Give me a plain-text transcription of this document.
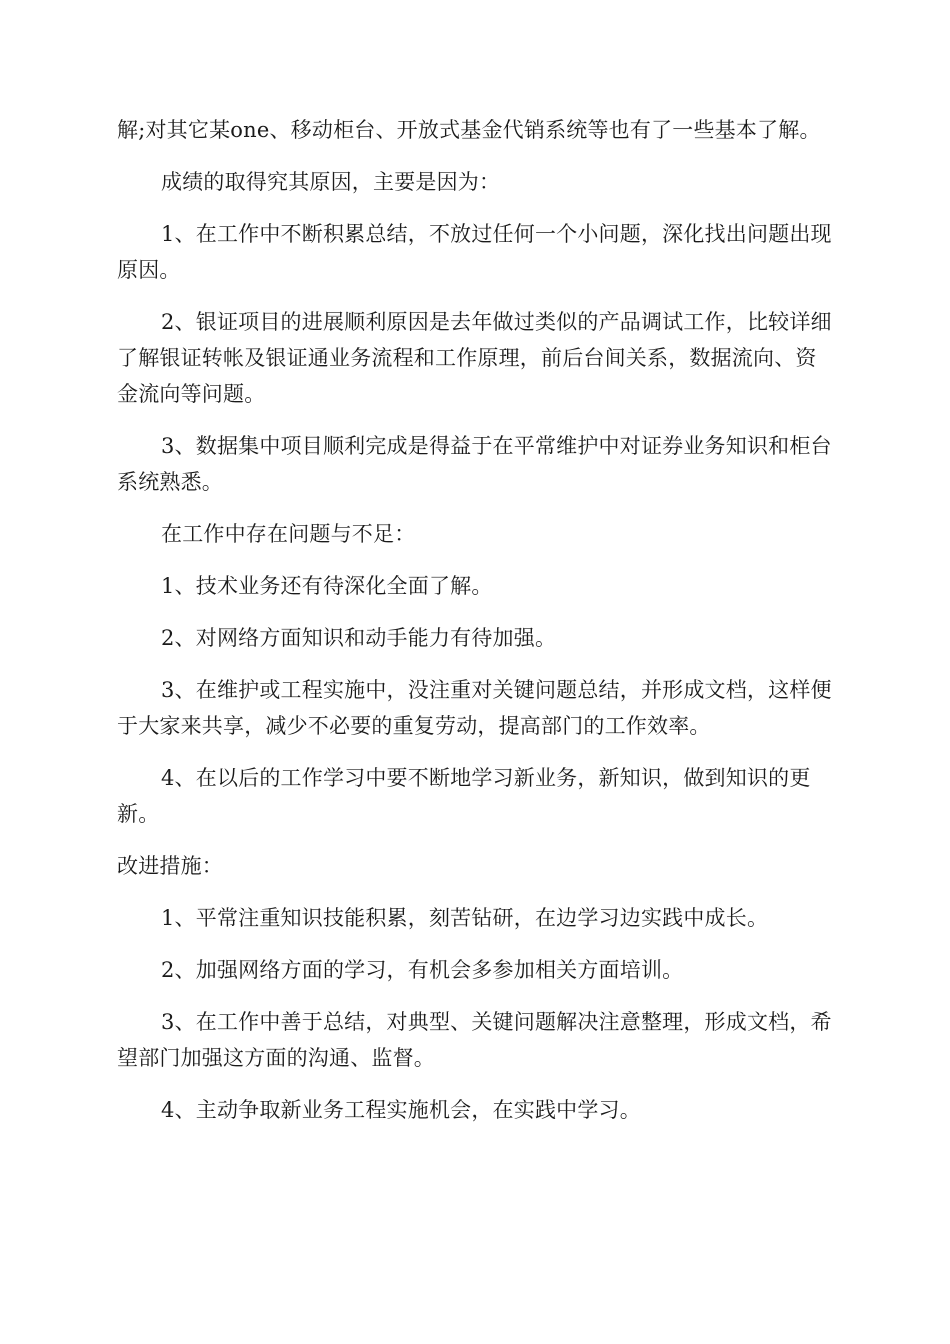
解;对其它某one、移动柜台、开放式基金代销系统等也有了一些基本了解。

成绩的取得究其原因，主要是因为：

1、在工作中不断积累总结，不放过任何一个小问题，深化找出问题出现原因。

2、银证项目的进展顺利原因是去年做过类似的产品调试工作，比较详细了解银证转帐及银证通业务流程和工作原理，前后台间关系，数据流向、资金流向等问题。

3、数据集中项目顺利完成是得益于在平常维护中对证券业务知识和柜台系统熟悉。

在工作中存在问题与不足：

1、技术业务还有待深化全面了解。

2、对网络方面知识和动手能力有待加强。

3、在维护或工程实施中，没注重对关键问题总结，并形成文档，这样便于大家来共享，减少不必要的重复劳动，提高部门的工作效率。

4、在以后的工作学习中要不断地学习新业务，新知识，做到知识的更新。

改进措施：

1、平常注重知识技能积累，刻苦钻研，在边学习边实践中成长。

2、加强网络方面的学习，有机会多参加相关方面培训。

3、在工作中善于总结，对典型、关键问题解决注意整理，形成文档，希望部门加强这方面的沟通、监督。

4、主动争取新业务工程实施机会，在实践中学习。
